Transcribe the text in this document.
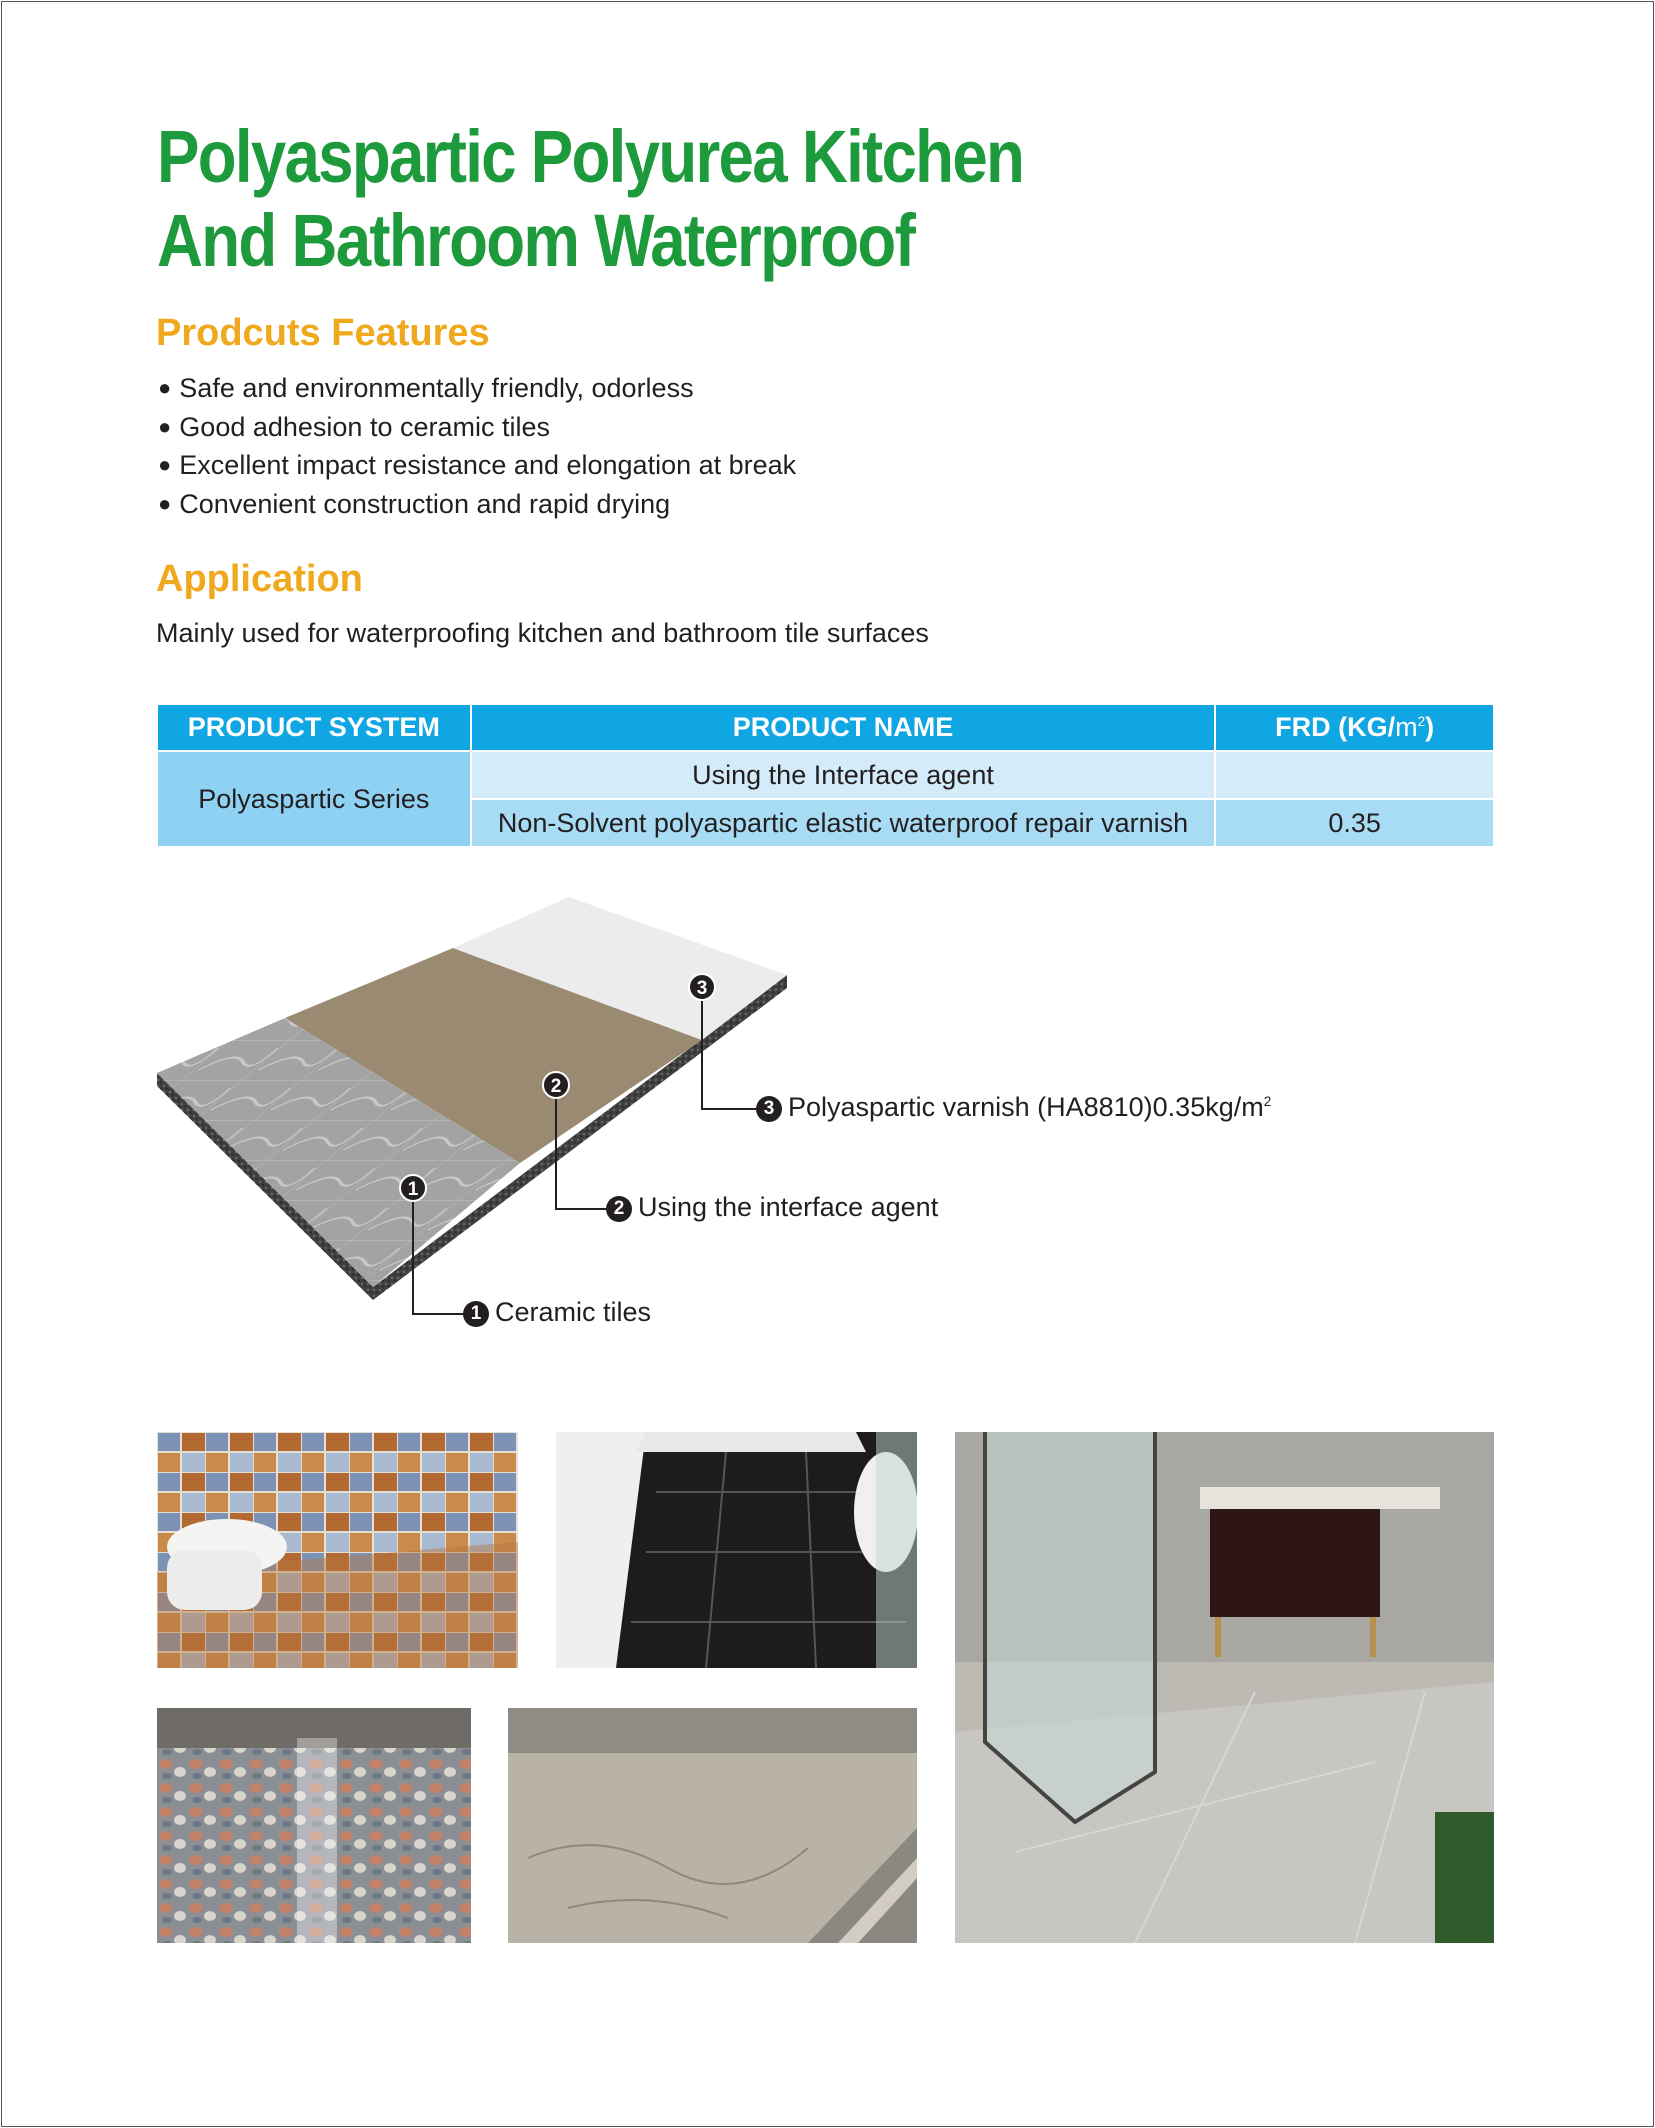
Polyaspartic Polyurea Kitchen
And Bathroom Waterproof
Prodcuts Features
● Safe and environmentally friendly, odorless
● Good adhesion to ceramic tiles
● Excellent impact resistance and elongation at break
● Convenient construction and rapid drying
Application

Mainly used for waterproofing kitchen and bathroom tile surfaces

PRODUCT SYSTEM	PRODUCT NAME	FRD $(KG/m^2)$
Polyaspartic Series	Using the Interface agent	
	Non-Solvent polyaspartic elastic waterproof repair varnish	0.35
3
2
1
3 Polyaspartic varnish $(HA8810)0.35kg/m^2$
2 Using the interface agent
1 Ceramic tiles
